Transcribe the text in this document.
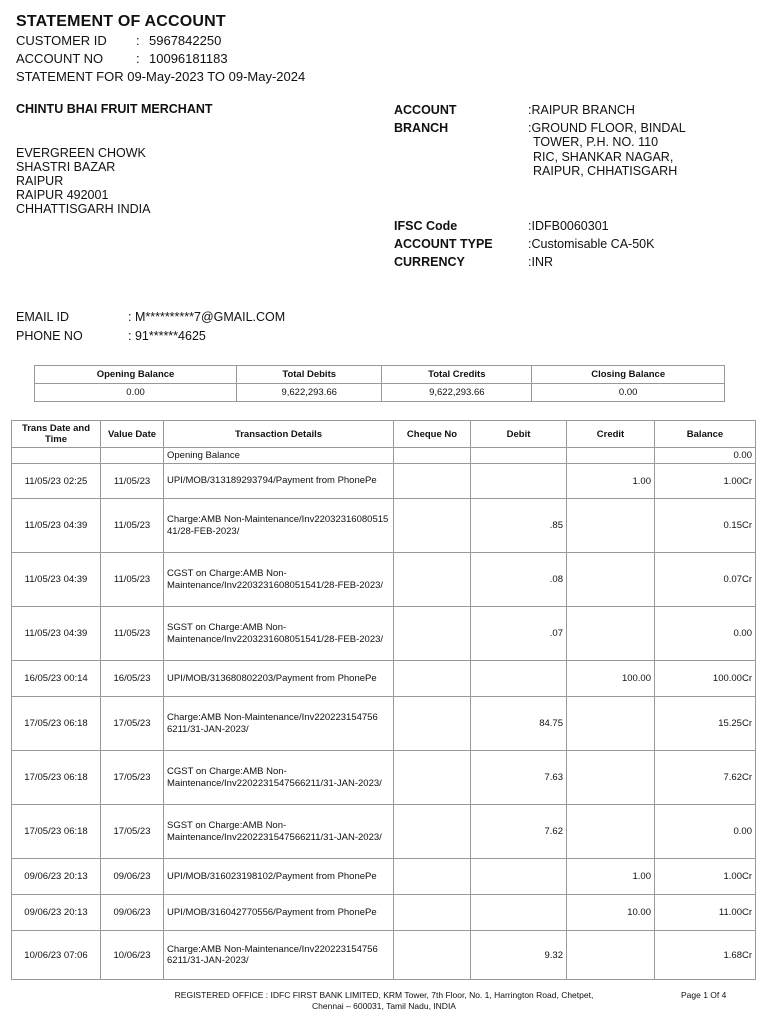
STATEMENT OF ACCOUNT
CUSTOMER ID : 5967842250
ACCOUNT NO	: 10096181183
STATEMENT FOR 09-May-2023 TO 09-May-2024
CHINTU BHAI FRUIT MERCHANT
EVERGREEN CHOWK
SHASTRI BAZAR
RAIPUR
RAIPUR 492001
CHHATTISGARH INDIA
ACCOUNT	:RAIPUR BRANCH
BRANCH	:GROUND FLOOR, BINDAL
TOWER, P.H. NO. 110
RIC, SHANKAR NAGAR,
RAIPUR, CHHATISGARH
IFSC Code	:IDFB0060301
ACCOUNT TYPE	:Customisable CA-50K
CURRENCY	:INR
EMAIL ID	: M**********7@GMAIL.COM
PHONE NO	: 91******4625
Opening Balance	Total Debits	Total Credits	Closing Balance
0.00	9,622,293.66	9,622,293.66	0.00
Trans Date and Time	Value Date	Transaction Details	Cheque No	Debit	Credit	Balance
		Opening Balance				0.00
11/05/23 02:25	11/05/23	UPI/MOB/313189293794/Payment from PhonePe			1.00	1.00Cr
11/05/23 04:39	11/05/23	Charge:AMB Non-Maintenance/Inv22032316080515​41/28-FEB-2023/		.85		0.15Cr
11/05/23 04:39	11/05/23	CGST on Charge:AMB Non-Maintenance/Inv22032316080515​41/28-FEB-2023/		.08		0.07Cr
11/05/23 04:39	11/05/23	SGST on Charge:AMB Non-Maintenance/Inv22032316080515​41/28-FEB-2023/		.07		0.00
16/05/23 00:14	16/05/23	UPI/MOB/313680802203/Payment from PhonePe			100.00	100.00Cr
17/05/23 06:18	17/05/23	Charge:AMB Non-Maintenance/Inv220223154756​6211/31-JAN-2023/		84.75		15.25Cr
17/05/23 06:18	17/05/23	CGST on Charge:AMB Non-Maintenance/Inv220223154756​6211/31-JAN-2023/		7.63		7.62Cr
17/05/23 06:18	17/05/23	SGST on Charge:AMB Non-Maintenance/Inv220223154756​6211/31-JAN-2023/		7.62		0.00
09/06/23 20:13	09/06/23	UPI/MOB/316023198102/Payment from PhonePe			1.00	1.00Cr
09/06/23 20:13	09/06/23	UPI/MOB/316042770556/Payment from PhonePe			10.00	11.00Cr
10/06/23 07:06	10/06/23	Charge:AMB Non-Maintenance/Inv220223154756​6211/31-JAN-2023/		9.32		1.68Cr
REGISTERED OFFICE : IDFC FIRST BANK LIMITED, KRM Tower, 7th Floor, No. 1, Harrington Road, Chetpet,
Chennai – 600031, Tamil Nadu, INDIA
Page 1 Of 4
